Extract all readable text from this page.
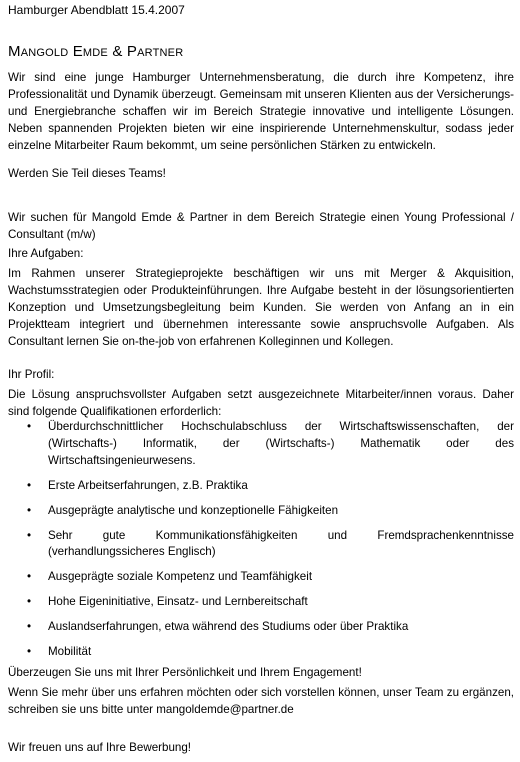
Hamburger Abendblatt 15.4.2007
Mangold Emde & Partner
Wir sind eine junge Hamburger Unternehmensberatung, die durch ihre Kompetenz, ihre Professionalität und Dynamik überzeugt. Gemeinsam mit unseren Klienten aus der Versicherungs- und Energiebranche schaffen wir im Bereich Strategie innovative und intelligente Lösungen. Neben spannenden Projekten bieten wir eine inspirierende Unternehmenskultur, sodass jeder einzelne Mitarbeiter Raum bekommt, um seine persönlichen Stärken zu entwickeln.
Werden Sie Teil dieses Teams!
Wir suchen für Mangold Emde & Partner in dem Bereich Strategie einen Young Professional / Consultant (m/w)
Ihre Aufgaben:
Im Rahmen unserer Strategieprojekte beschäftigen wir uns mit Merger & Akquisition, Wachstumsstrategien oder Produkteinführungen. Ihre Aufgabe besteht in der lösungsorientierten Konzeption und Umsetzungsbegleitung beim Kunden. Sie werden von Anfang an in ein Projektteam integriert und übernehmen interessante sowie anspruchsvolle Aufgaben. Als Consultant lernen Sie on-the-job von erfahrenen Kolleginnen und Kollegen.
Ihr Profil:
Die Lösung anspruchsvollster Aufgaben setzt ausgezeichnete Mitarbeiter/innen voraus. Daher sind folgende Qualifikationen erforderlich:
• Überdurchschnittlicher Hochschulabschluss der Wirtschaftswissenschaften, der (Wirtschafts-) Informatik, der (Wirtschafts-) Mathematik oder des Wirtschaftsingenieurwesens.
• Erste Arbeitserfahrungen, z.B. Praktika
• Ausgeprägte analytische und konzeptionelle Fähigkeiten
• Sehr gute Kommunikationsfähigkeiten und Fremdsprachenkenntnisse (verhandlungssicheres Englisch)
• Ausgeprägte soziale Kompetenz und Teamfähigkeit
• Hohe Eigeninitiative, Einsatz- und Lernbereitschaft
• Auslandserfahrungen, etwa während des Studiums oder über Praktika
• Mobilität
Überzeugen Sie uns mit Ihrer Persönlichkeit und Ihrem Engagement!
Wenn Sie mehr über uns erfahren möchten oder sich vorstellen können, unser Team zu ergänzen, schreiben sie uns bitte unter mangoldemde@partner.de
Wir freuen uns auf Ihre Bewerbung!
